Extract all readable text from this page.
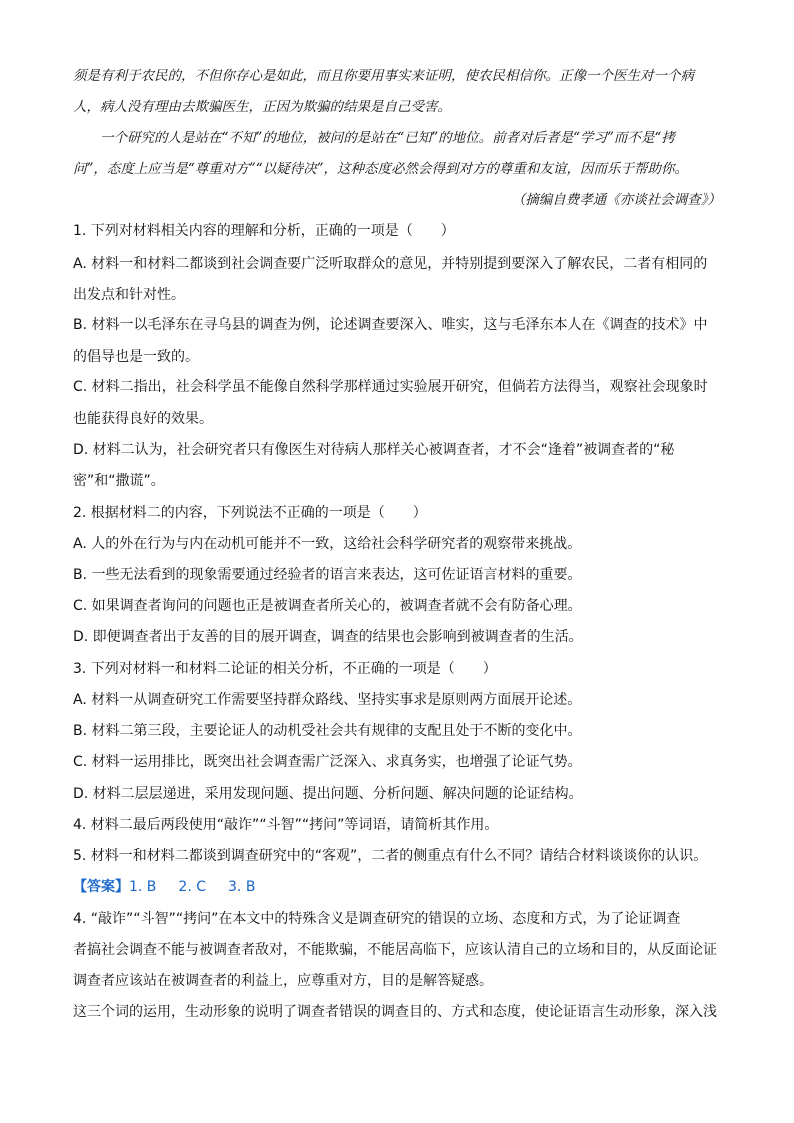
须是有利于农民的，不但你存心是如此，而且你要用事实来证明，使农民相信你。正像一个医生对一个病
人，病人没有理由去欺骗医生，正因为欺骗的结果是自己受害。
一个研究的人是站在“不知”的地位，被问的是站在“已知”的地位。前者对后者是“学习”而不是“拷
问”，态度上应当是“尊重对方”“以疑待决”，这种态度必然会得到对方的尊重和友谊，因而乐于帮助你。
（摘编自费孝通《亦谈社会调查》）
1. 下列对材料相关内容的理解和分析，正确的一项是（　　）
A. 材料一和材料二都谈到社会调查要广泛听取群众的意见，并特别提到要深入了解农民，二者有相同的
出发点和针对性。
B. 材料一以毛泽东在寻乌县的调查为例，论述调查要深入、唯实，这与毛泽东本人在《调查的技术》中
的倡导也是一致的。
C. 材料二指出，社会科学虽不能像自然科学那样通过实验展开研究，但倘若方法得当，观察社会现象时
也能获得良好的效果。
D. 材料二认为，社会研究者只有像医生对待病人那样关心被调查者，才不会“逢着”被调查者的“秘
密”和“撒谎”。
2. 根据材料二的内容，下列说法不正确的一项是（　　）
A. 人的外在行为与内在动机可能并不一致，这给社会科学研究者的观察带来挑战。
B. 一些无法看到的现象需要通过经验者的语言来表达，这可佐证语言材料的重要。
C. 如果调查者询问的问题也正是被调查者所关心的，被调查者就不会有防备心理。
D. 即便调查者出于友善的目的展开调查，调查的结果也会影响到被调查者的生活。
3. 下列对材料一和材料二论证的相关分析，不正确的一项是（　　）
A. 材料一从调查研究工作需要坚持群众路线、坚持实事求是原则两方面展开论述。
B. 材料二第三段，主要论证人的动机受社会共有规律的支配且处于不断的变化中。
C. 材料一运用排比，既突出社会调查需广泛深入、求真务实，也增强了论证气势。
D. 材料二层层递进，采用发现问题、提出问题、分析问题、解决问题的论证结构。
4. 材料二最后两段使用“敲诈”“斗智”“拷问”等词语，请简析其作用。
5. 材料一和材料二都谈到调查研究中的“客观”，二者的侧重点有什么不同？请结合材料谈谈你的认识。
【答案】1. B 2. C 3. B
4. “敲诈”“斗智”“拷问”在本文中的特殊含义是调查研究的错误的立场、态度和方式，为了论证调查
者搞社会调查不能与被调查者敌对，不能欺骗，不能居高临下，应该认清自己的立场和目的，从反面论证
调查者应该站在被调查者的利益上，应尊重对方，目的是解答疑惑。
这三个词的运用，生动形象的说明了调查者错误的调查目的、方式和态度，使论证语言生动形象，深入浅
